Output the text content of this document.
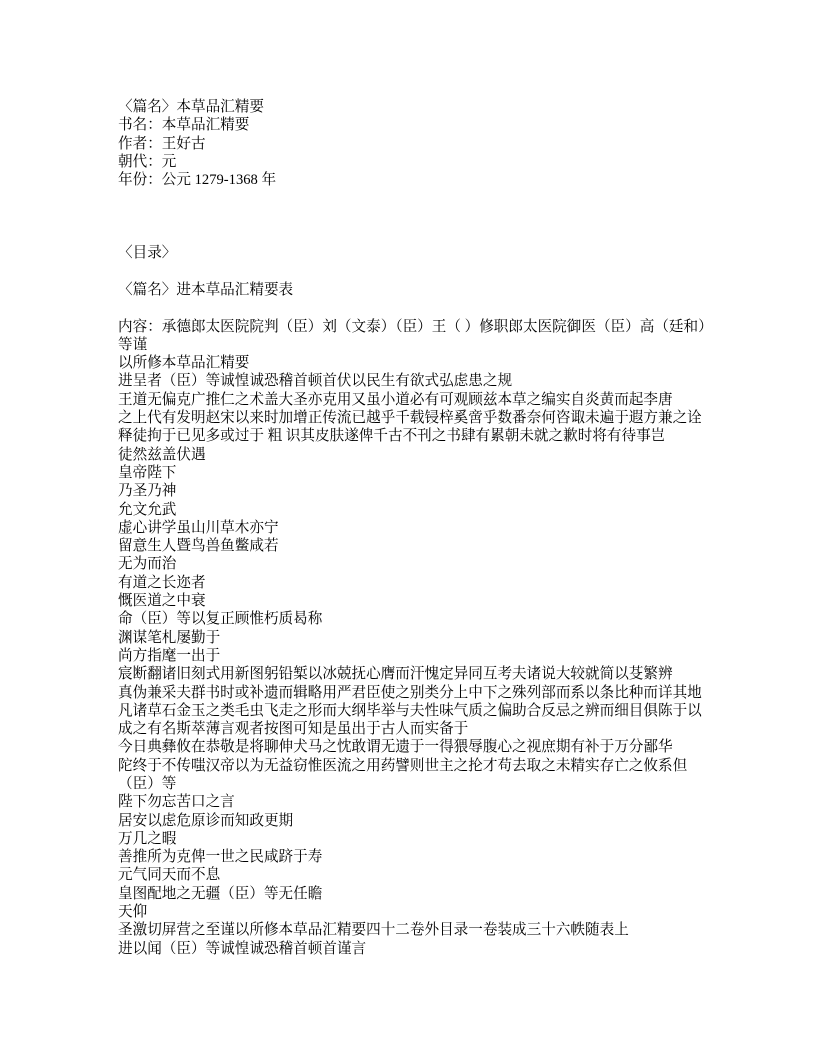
〈篇名〉本草品汇精要
书名：本草品汇精要
作者：王好古
朝代：元
年份：公元 1279-1368 年
〈目录〉
〈篇名〉进本草品汇精要表
内容：承德郎太医院院判（臣）刘（文泰）（臣）王（ ）修职郎太医院御医（臣）高（廷和）
等谨
以所修本草品汇精要
进呈者（臣）等诚惶诚恐稽首顿首伏以民生有欲式弘虑患之规
王道无偏克广推仁之术盖大圣亦克用又虽小道必有可观顾兹本草之编实自炎黄而起李唐
之上代有发明赵宋以来时加增正传流已越乎千载锓梓奚啻乎数番奈何咨诹未遍于遐方兼之诠
释徒拘于已见多或过于 粗 识其皮肤遂俾千古不刊之书肆有累朝未就之歉时将有待事岂
徒然兹盖伏遇
皇帝陛下
乃圣乃神
允文允武
虚心讲学虽山川草木亦宁
留意生人暨鸟兽鱼鳖咸若
无为而治
有道之长迩者
慨医道之中衰
命（臣）等以复正顾惟朽质曷称
渊谋笔札屡勤于
尚方指麾一出于
宸断翻诸旧刻式用新图躬铅椠以冰兢抚心膺而汗愧定异同互考夫诸说大较就简以芟繁辨
真伪兼采夫群书时或补遗而辑略用严君臣使之别类分上中下之殊列部而系以条比种而详其地
凡诸草石金玉之类毛虫飞走之形而大纲毕举与夫性味气质之偏助合反忌之辨而细目俱陈于以
成之有名斯萃薄言观者按图可知是虽出于古人而实备于
今日典彝攸在恭敬是将聊伸犬马之忱敢谓无遗于一得猥辱腹心之视庶期有补于万分鄙华
陀终于不传嗤汉帝以为无益窃惟医流之用药譬则世主之抡才苟去取之未精实存亡之攸系但
（臣）等
陛下勿忘苦口之言
居安以虑危原诊而知政更期
万几之暇
善推所为克俾一世之民咸跻于寿
元气同天而不息
皇图配地之无疆（臣）等无任瞻
天仰
圣激切屏营之至谨以所修本草品汇精要四十二卷外目录一卷装成三十六帙随表上
进以闻（臣）等诚惶诚恐稽首顿首谨言
